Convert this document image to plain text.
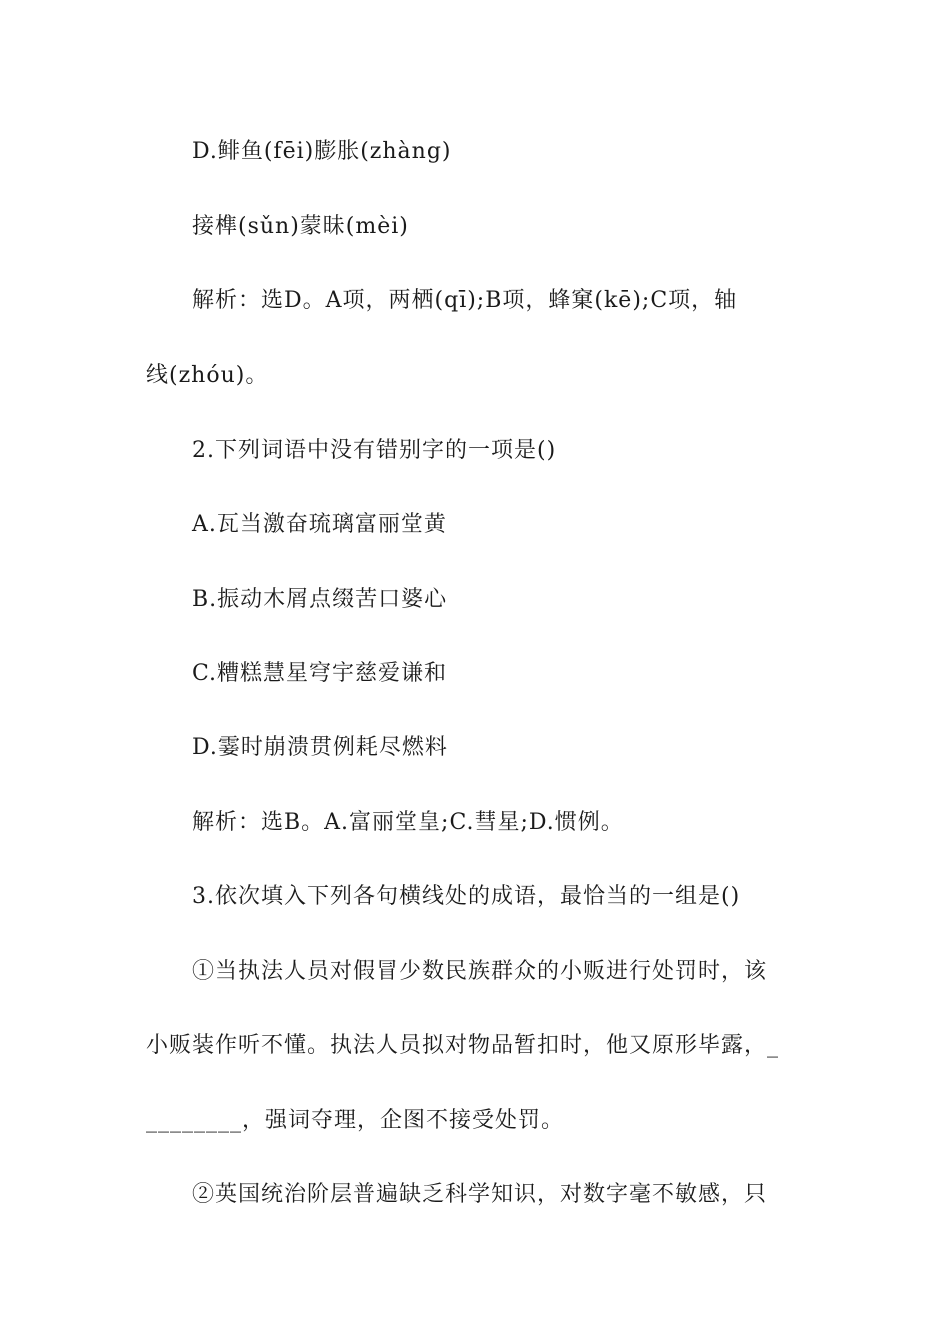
D.鲱鱼(fēi)膨胀(zhàng)
接榫(sǔn)蒙昧(mèi)
解析：选D。A项，两栖(qī);B项，蜂窠(kē);C项，轴
线(zhóu)。
2.下列词语中没有错别字的一项是()
A.瓦当激奋琉璃富丽堂黄
B.振动木屑点缀苦口婆心
C.糟糕慧星穹宇慈爱谦和
D.霎时崩溃贯例耗尽燃料
解析：选B。A.富丽堂皇;C.彗星;D.惯例。
3.依次填入下列各句横线处的成语，最恰当的一组是()
①当执法人员对假冒少数民族群众的小贩进行处罚时，该
小贩装作听不懂。执法人员拟对物品暂扣时，他又原形毕露，_
________，强词夺理，企图不接受处罚。
②英国统治阶层普遍缺乏科学知识，对数字毫不敏感，只
